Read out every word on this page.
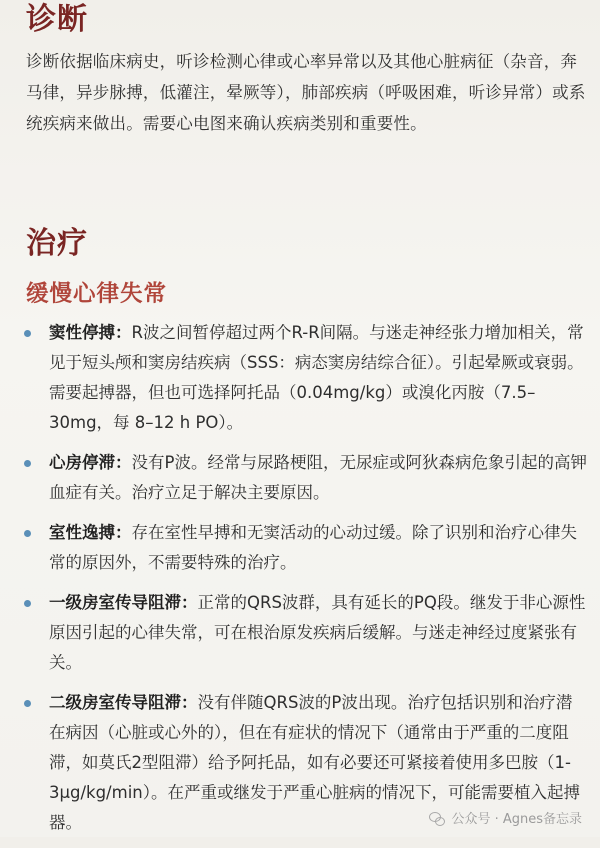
诊断
诊断依据临床病史，听诊检测心律或心率异常以及其他心脏病征（杂音，奔马律，异步脉搏，低灌注，晕厥等），肺部疾病（呼吸困难，听诊异常）或系统疾病来做出。需要心电图来确认疾病类别和重要性。
治疗
缓慢心律失常
窦性停搏：R波之间暂停超过两个R-R间隔。与迷走神经张力增加相关，常见于短头颅和窦房结疾病（SSS：病态窦房结综合征）。引起晕厥或衰弱。需要起搏器，但也可选择阿托品（0.04mg/kg）或溴化丙胺（7.5–30mg，每 8–12 h PO）。
心房停滞：没有P波。经常与尿路梗阻，无尿症或阿狄森病危象引起的高钾血症有关。治疗立足于解决主要原因。
室性逸搏：存在室性早搏和无窦活动的心动过缓。除了识别和治疗心律失常的原因外，不需要特殊的治疗。
一级房室传导阻滞：正常的QRS波群，具有延长的PQ段。继发于非心源性原因引起的心律失常，可在根治原发疾病后缓解。与迷走神经过度紧张有关。
二级房室传导阻滞：没有伴随QRS波的P波出现。治疗包括识别和治疗潜在病因（心脏或心外的），但在有症状的情况下（通常由于严重的二度阻滞，如莫氏2型阻滞）给予阿托品，如有必要还可紧接着使用多巴胺（1-3μg/kg/min）。在严重或继发于严重心脏病的情况下，可能需要植入起搏器。	公众号 · Agnes备忘录
